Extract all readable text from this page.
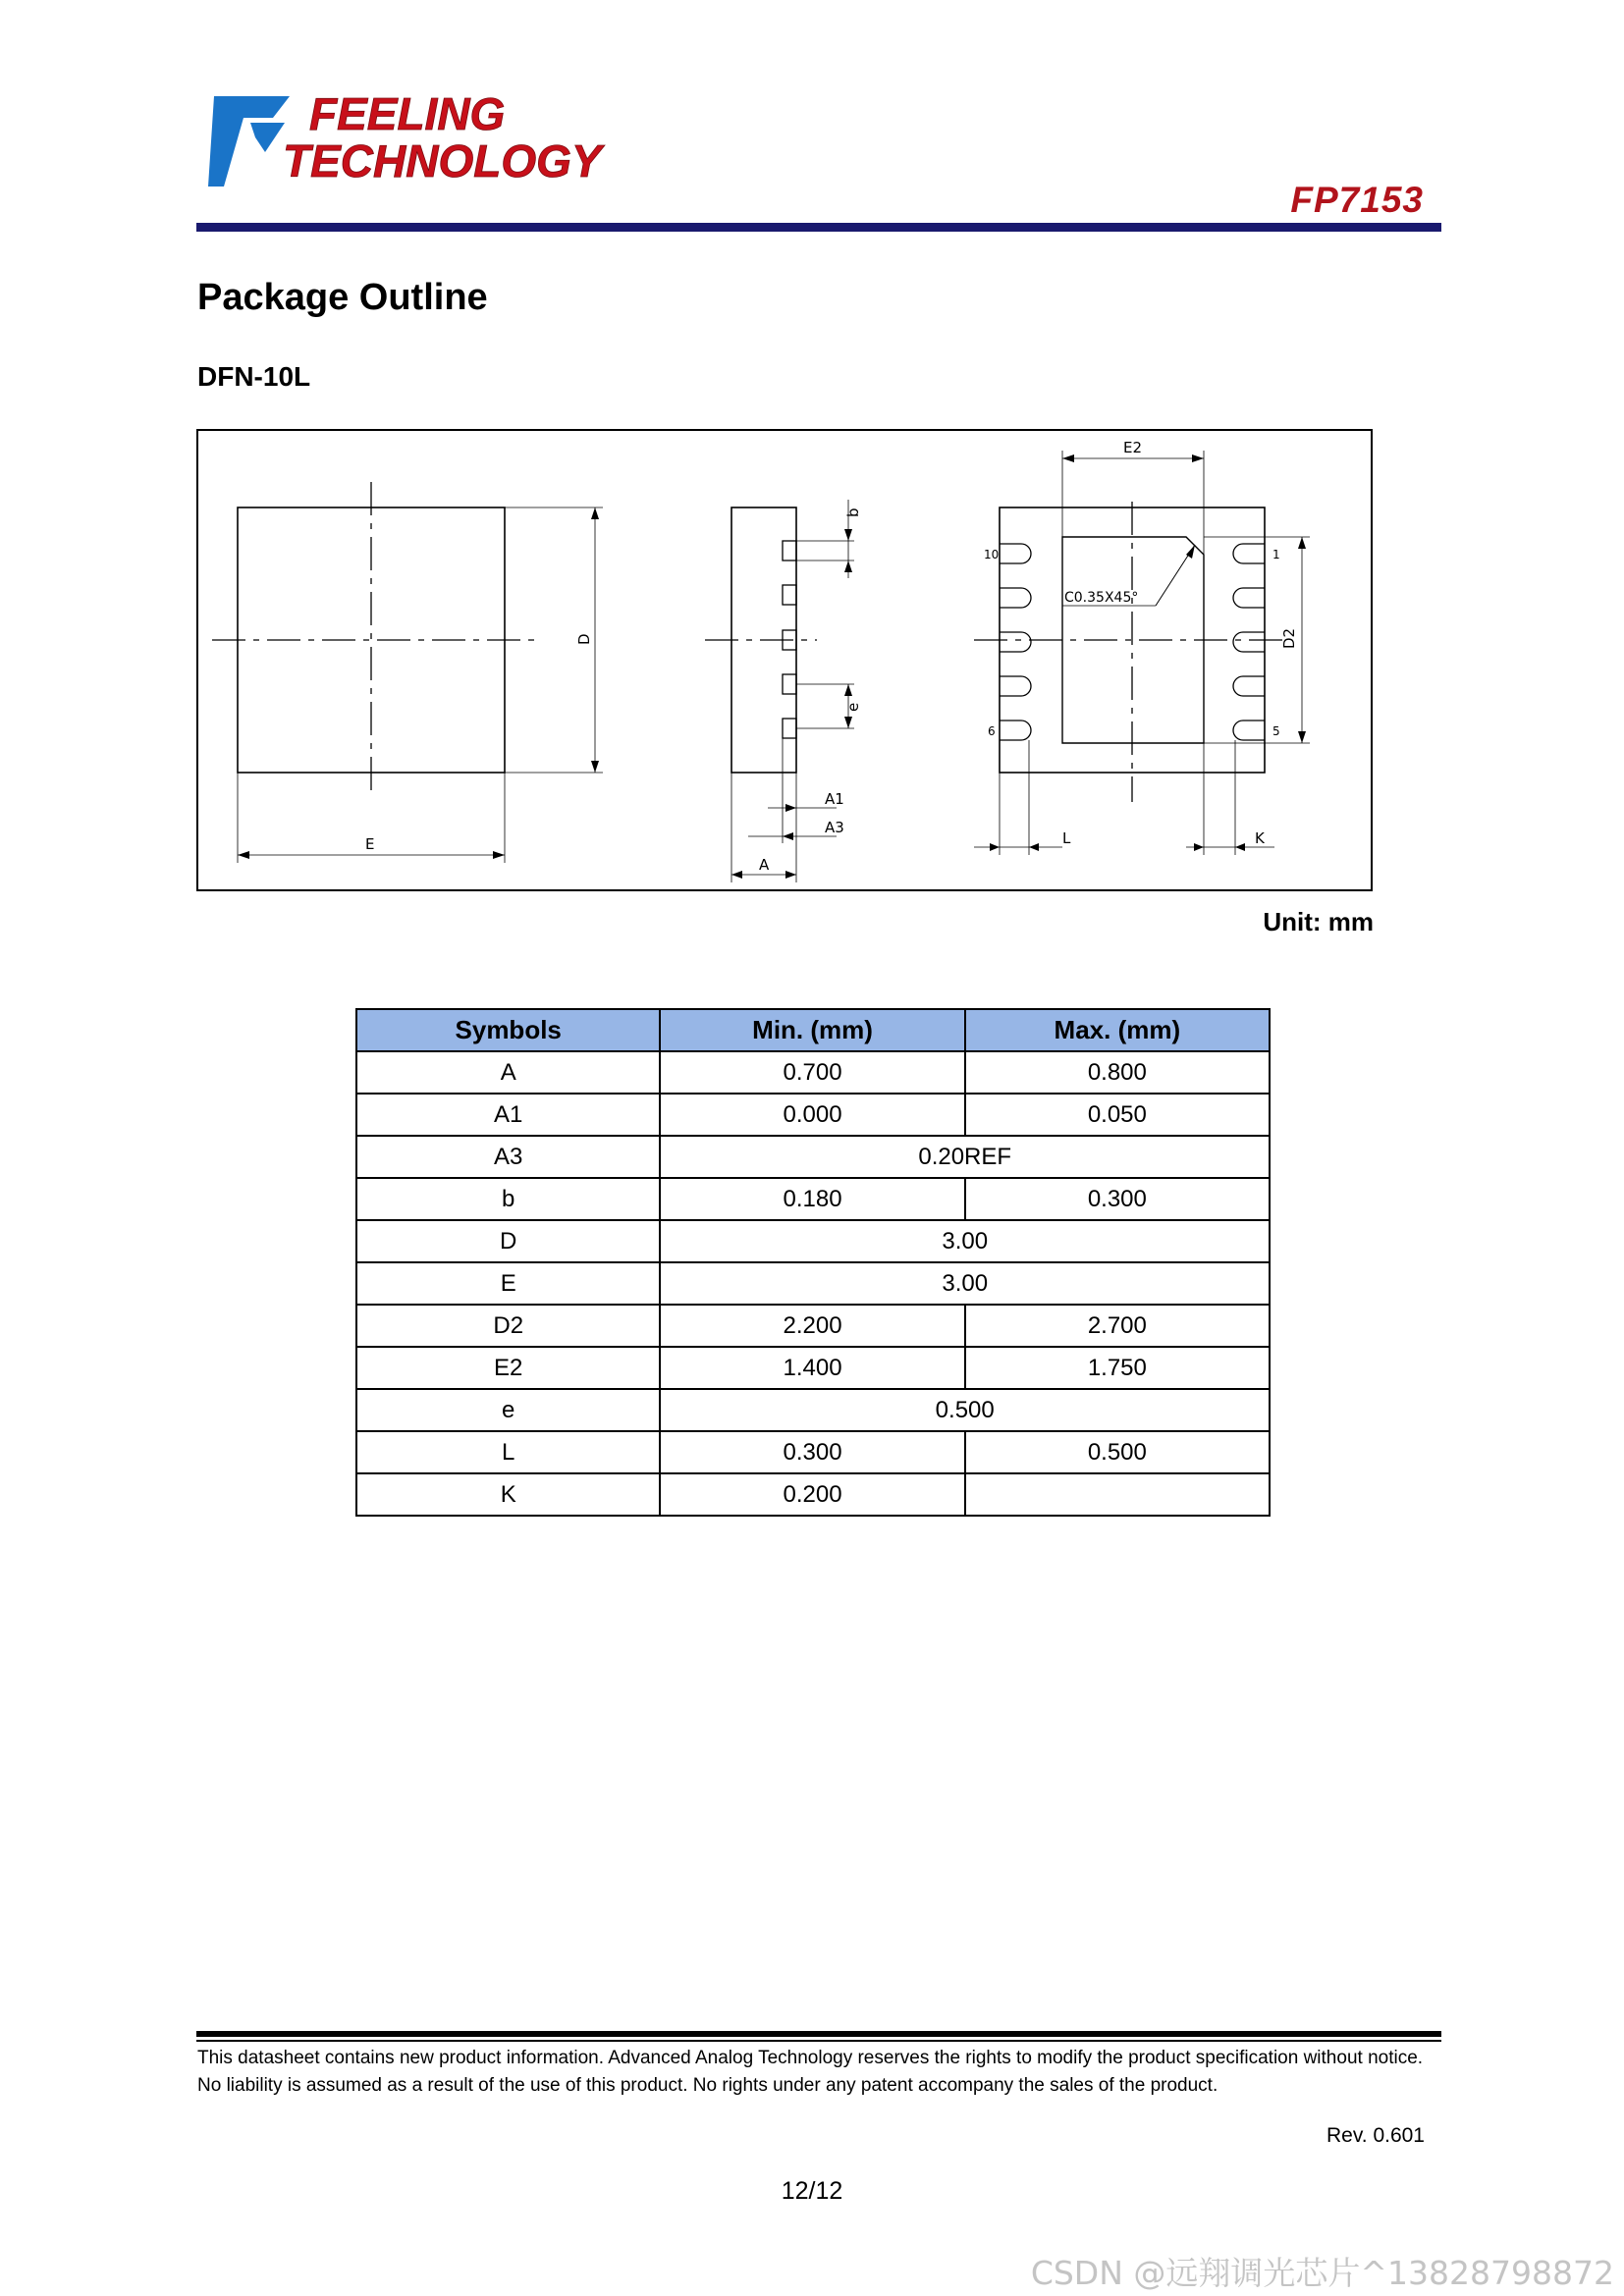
FEELING
TECHNOLOGY
FP7153
Package Outline
DFN-10L
D
E
b
e
A1
A3
A
10
6
1
5
C0.35X45°
E2
D2
L	K
Unit: mm
Symbols	Min. (mm)	Max. (mm)
A	0.700	0.800
A1	0.000	0.050
A3	0.20REF	
b	0.180	0.300
D	3.00	
E	3.00	
D2	2.200	2.700
E2	1.400	1.750
e	0.500	
L	0.300	0.500
K	0.200	
This datasheet contains new product information. Advanced Analog Technology reserves the rights to modify the product specification without notice. No liability is assumed as a result of the use of this product. No rights under any patent accompany the sales of the product.
Rev. 0.601
12/12
CSDN @远翔调光芯片^13828798872
